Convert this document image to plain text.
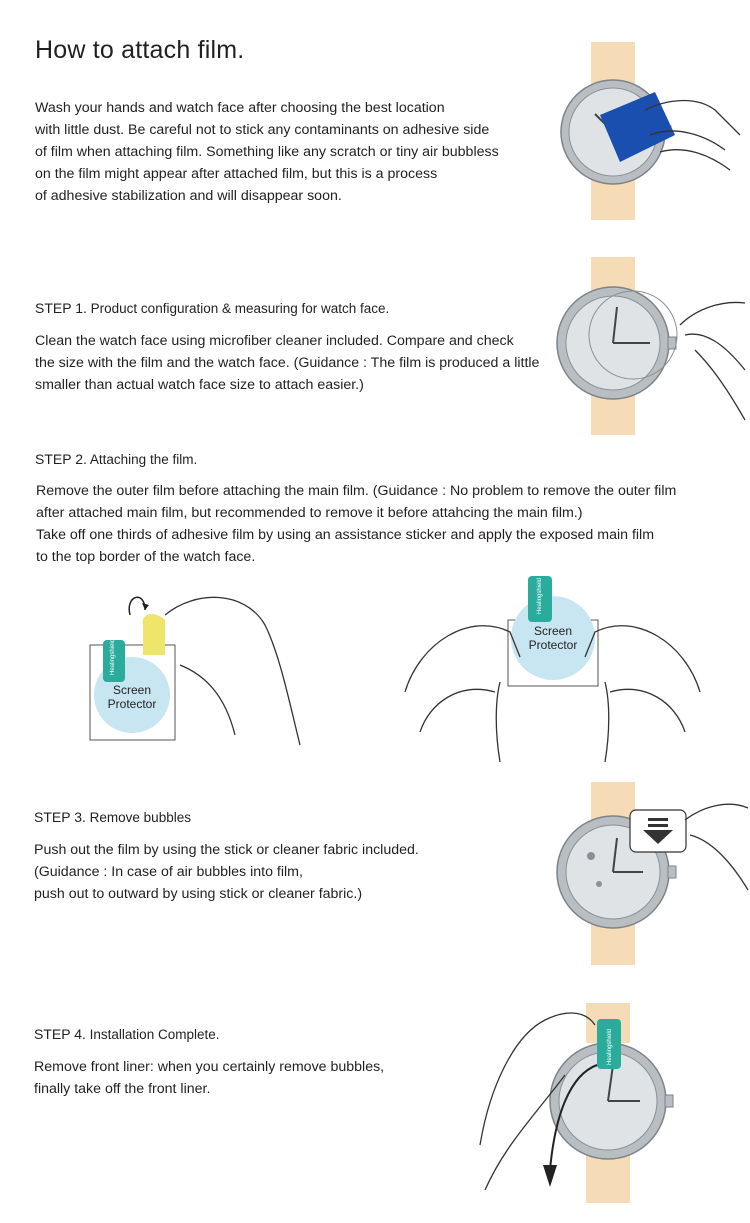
How to attach film.
Wash your hands and watch face after choosing the best location
with little dust. Be careful not to stick any contaminants on adhesive side
of film when attaching film. Something like any scratch or tiny air bubbless
on the film might appear after attached film, but this is a process
of adhesive stabilization and will disappear soon.
STEP 1. Product configuration & measuring for watch face.
Clean the watch face using microfiber cleaner included. Compare and check
the size with the film and the watch face. (Guidance : The film is produced a little
smaller than actual watch face size to attach easier.)
STEP 2. Attaching the film.
Remove the outer film before attaching the main film. (Guidance : No problem to remove the outer film
after attached main film, but recommended to remove it before attahcing the main film.)
Take off one thirds of adhesive film by using an assistance sticker and apply the exposed main film
to the top border of the watch face.
Screen
Protector
Healingshield
Screen
Protector
Healingshield
STEP 3. Remove bubbles
Push out the film by using the stick or cleaner fabric included.
(Guidance : In case of air bubbles into film,
push out to outward by using stick or cleaner fabric.)
STEP 4. Installation Complete.
Remove front liner: when you certainly remove bubbles,
finally take off the front liner.
Healingshield
